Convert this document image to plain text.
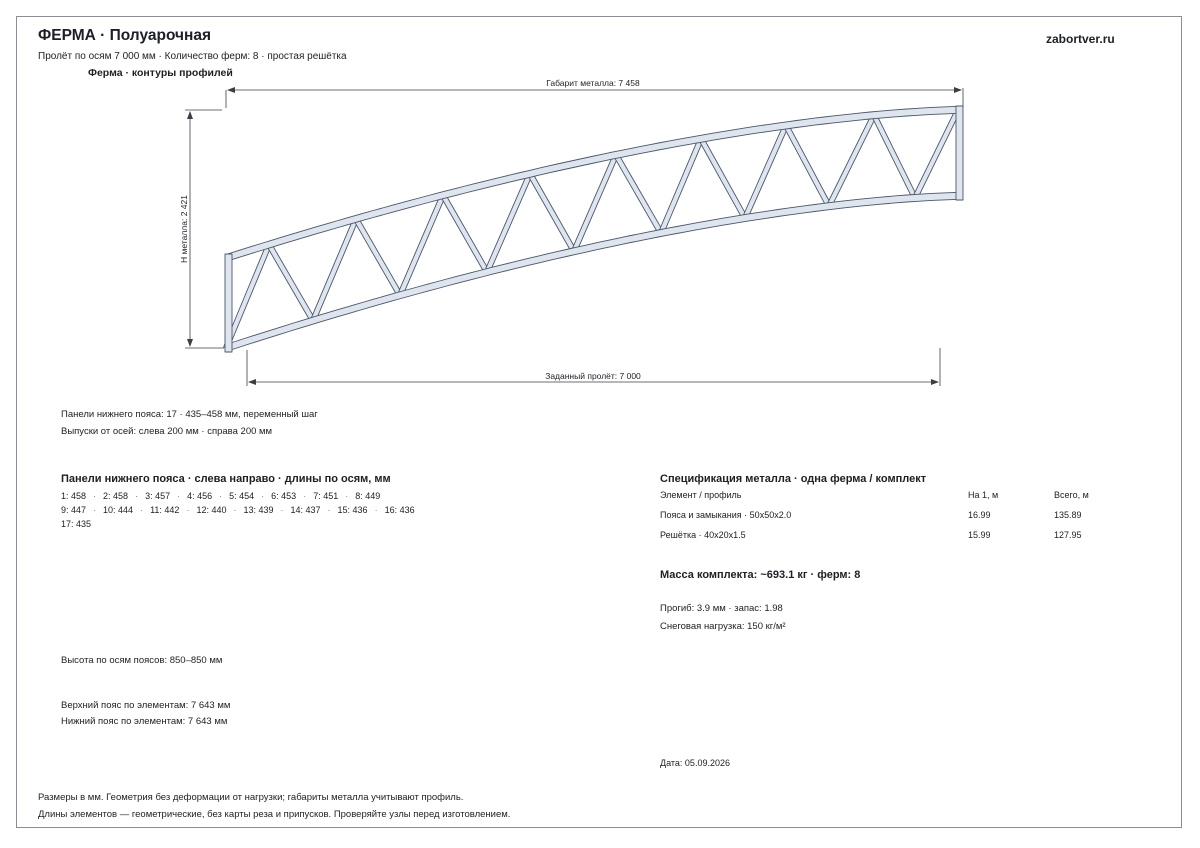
ФЕРМА · Полуарочная	zabortver.ru
Пролёт по осям 7 000 мм · Количество ферм: 8 · простая решётка
Ферма · контуры профилей
Габарит металла: 7 458
H металла: 2 421
Заданный пролёт: 7 000
Панели нижнего пояса: 17 · 435–458 мм, переменный шаг
Выпуски от осей: слева 200 мм · справа 200 мм
Панели нижнего пояса · слева направо · длины по осям, мм
1: 458 · 2: 458 · 3: 457 · 4: 456 · 5: 454 · 6: 453 · 7: 451 · 8: 449
9: 447 · 10: 444 · 11: 442 · 12: 440 · 13: 439 · 14: 437 · 15: 436 · 16: 436
17: 435
Высота по осям поясов: 850–850 мм
Верхний пояс по элементам: 7 643 мм
Нижний пояс по элементам: 7 643 мм
Спецификация металла · одна ферма / комплект
Элемент / профиль	На 1, м	Всего, м
Пояса и замыкания · 50x50x2.0	16.99	135.89
Решётка · 40x20x1.5	15.99	127.95
Масса комплекта: ~693.1 кг · ферм: 8
Прогиб: 3.9 мм · запас: 1.98
Снеговая нагрузка: 150 кг/м²
Дата: 05.09.2026
Размеры в мм. Геометрия без деформации от нагрузки; габариты металла учитывают профиль.
Длины элементов — геометрические, без карты реза и припусков. Проверяйте узлы перед изготовлением.
